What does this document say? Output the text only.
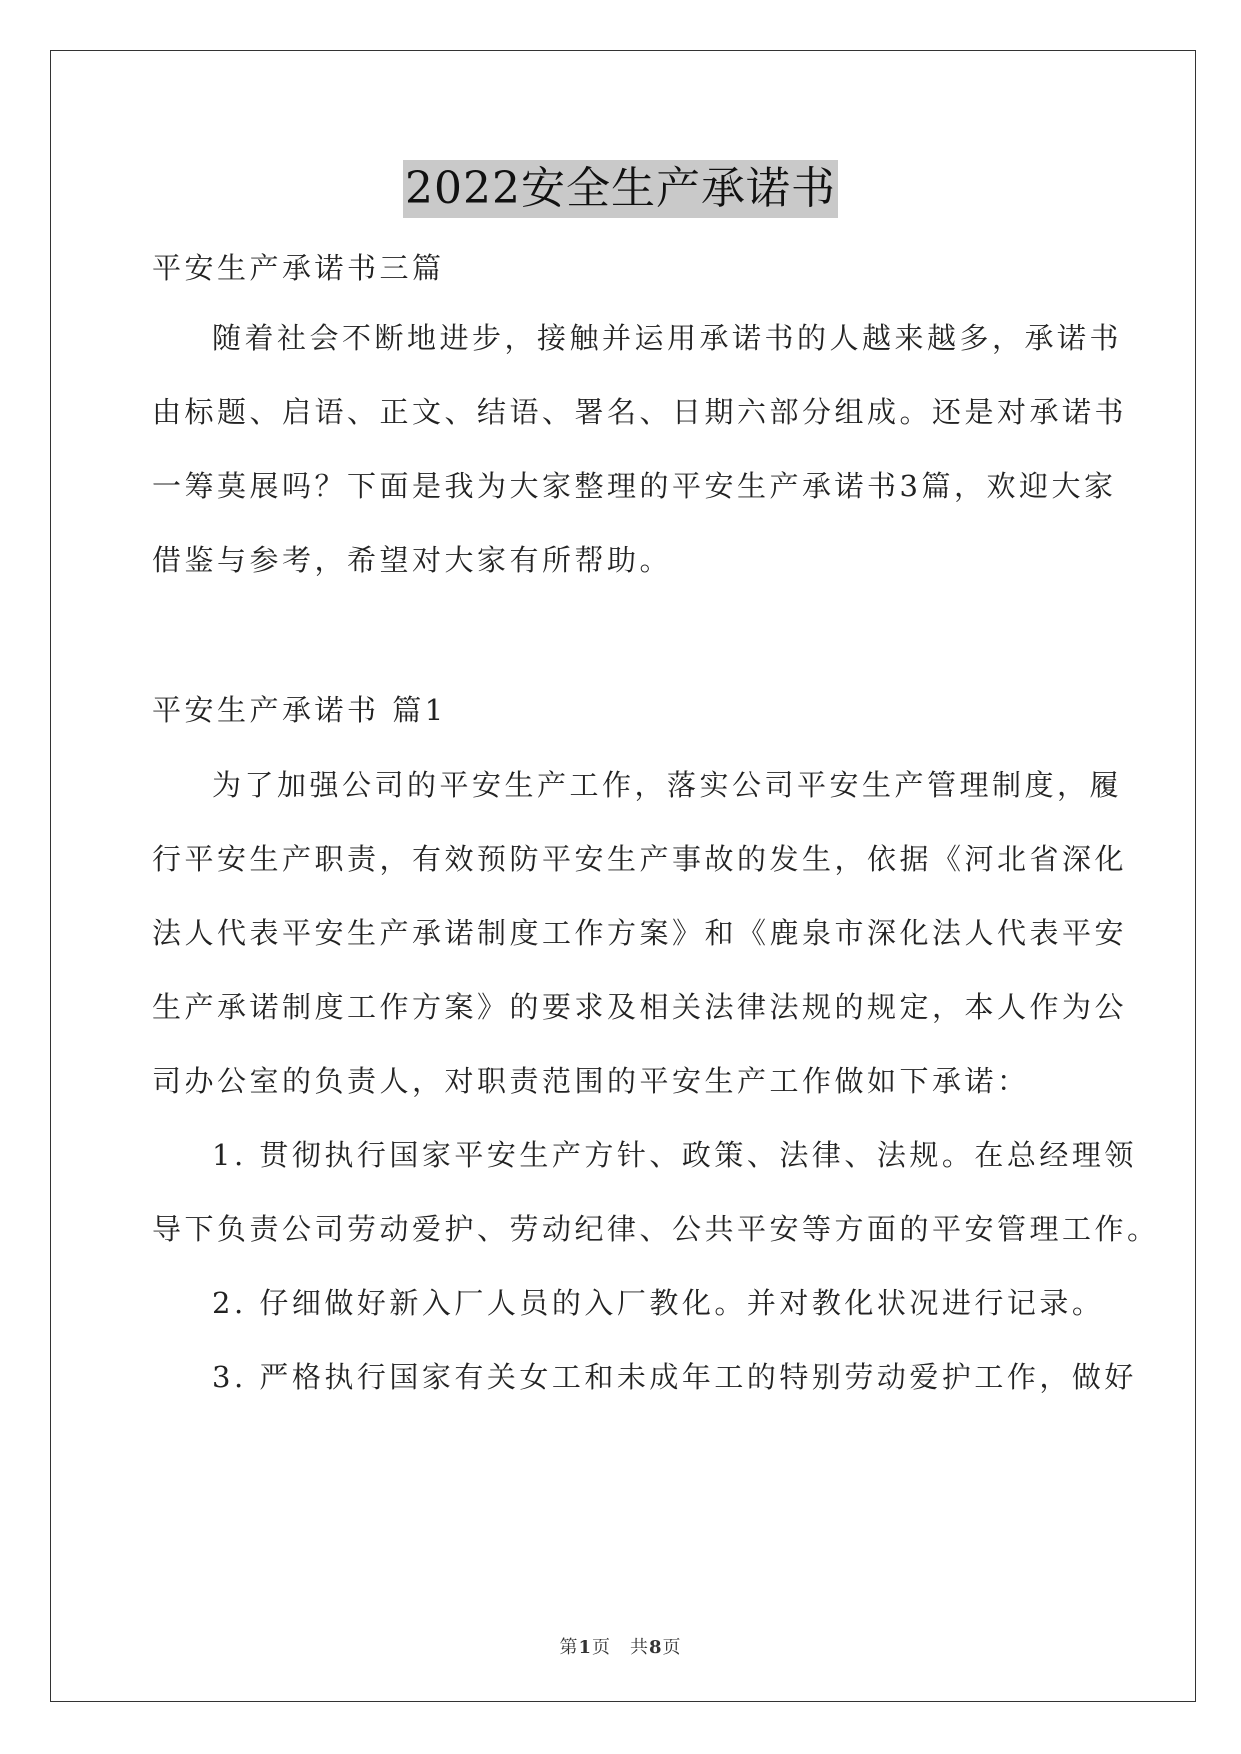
2022安全生产承诺书
平安生产承诺书三篇
随着社会不断地进步，接触并运用承诺书的人越来越多，承诺书
由标题、启语、正文、结语、署名、日期六部分组成。还是对承诺书
一筹莫展吗？下面是我为大家整理的平安生产承诺书3篇，欢迎大家
借鉴与参考，希望对大家有所帮助。
平安生产承诺书 篇1
为了加强公司的平安生产工作，落实公司平安生产管理制度，履
行平安生产职责，有效预防平安生产事故的发生，依据《河北省深化
法人代表平安生产承诺制度工作方案》和《鹿泉市深化法人代表平安
生产承诺制度工作方案》的要求及相关法律法规的规定，本人作为公
司办公室的负责人，对职责范围的平安生产工作做如下承诺：
1. 贯彻执行国家平安生产方针、政策、法律、法规。在总经理领
导下负责公司劳动爱护、劳动纪律、公共平安等方面的平安管理工作。
2. 仔细做好新入厂人员的入厂教化。并对教化状况进行记录。
3. 严格执行国家有关女工和未成年工的特别劳动爱护工作，做好
第1页　共8页
